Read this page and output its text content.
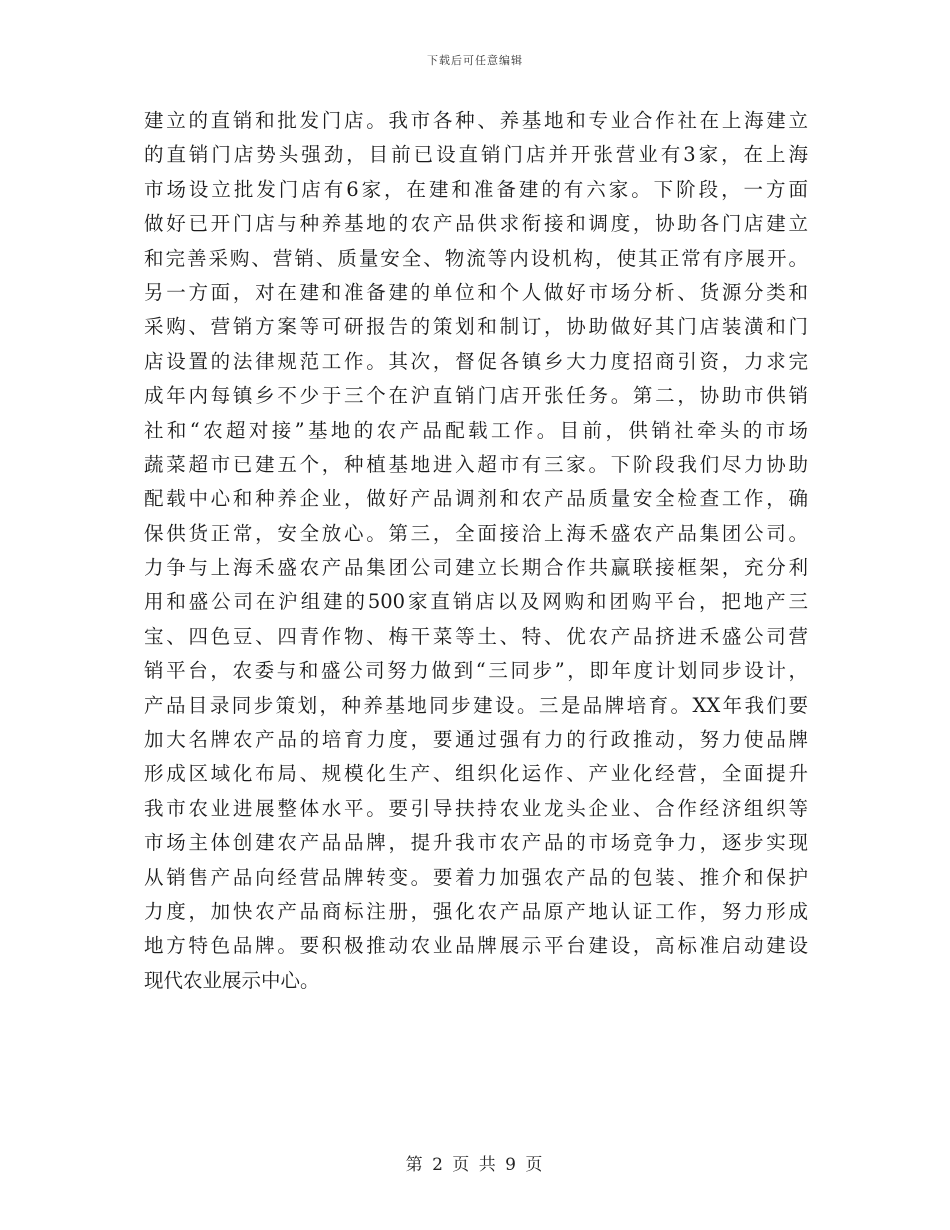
下载后可任意编辑
建立的直销和批发门店。我市各种、养基地和专业合作社在上海建立
的直销门店势头强劲，目前已设直销门店并开张营业有3家，在上海
市场设立批发门店有6家，在建和准备建的有六家。下阶段，一方面
做好已开门店与种养基地的农产品供求衔接和调度，协助各门店建立
和完善采购、营销、质量安全、物流等内设机构，使其正常有序展开。
另一方面，对在建和准备建的单位和个人做好市场分析、货源分类和
采购、营销方案等可研报告的策划和制订，协助做好其门店装潢和门
店设置的法律规范工作。其次，督促各镇乡大力度招商引资，力求完
成年内每镇乡不少于三个在沪直销门店开张任务。第二，协助市供销
社和“农超对接”基地的农产品配载工作。目前，供销社牵头的市场
蔬菜超市已建五个，种植基地进入超市有三家。下阶段我们尽力协助
配载中心和种养企业，做好产品调剂和农产品质量安全检查工作，确
保供货正常，安全放心。第三，全面接洽上海禾盛农产品集团公司。
力争与上海禾盛农产品集团公司建立长期合作共赢联接框架，充分利
用和盛公司在沪组建的500家直销店以及网购和团购平台，把地产三
宝、四色豆、四青作物、梅干菜等土、特、优农产品挤进禾盛公司营
销平台，农委与和盛公司努力做到“三同步”，即年度计划同步设计，
产品目录同步策划，种养基地同步建设。三是品牌培育。XX年我们要
加大名牌农产品的培育力度，要通过强有力的行政推动，努力使品牌
形成区域化布局、规模化生产、组织化运作、产业化经营，全面提升
我市农业进展整体水平。要引导扶持农业龙头企业、合作经济组织等
市场主体创建农产品品牌，提升我市农产品的市场竞争力，逐步实现
从销售产品向经营品牌转变。要着力加强农产品的包装、推介和保护
力度，加快农产品商标注册，强化农产品原产地认证工作，努力形成
地方特色品牌。要积极推动农业品牌展示平台建设，高标准启动建设
现代农业展示中心。
第 2 页 共 9 页
